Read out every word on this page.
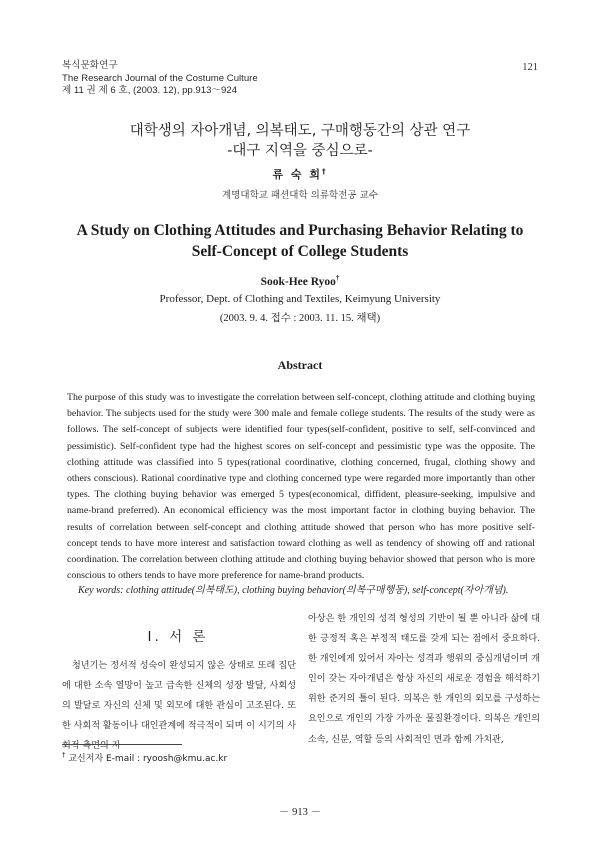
복식문화연구
The Research Journal of the Costume Culture
제 11 권 제 6 호, (2003. 12), pp.913～924
121
대학생의 자아개념, 의복태도, 구매행동간의 상관 연구
-대구 지역을 중심으로-
류 숙 희†
계명대학교 패션대학 의류학전공 교수
A Study on Clothing Attitudes and Purchasing Behavior Relating to
Self-Concept of College Students
Sook-Hee Ryoo†
Professor, Dept. of Clothing and Textiles, Keimyung University
(2003. 9. 4. 접수 : 2003. 11. 15. 채택)
Abstract
The purpose of this study was to investigate the correlation between self-concept, clothing attitude and clothing buying behavior. The subjects used for the study were 300 male and female college students. The results of the study were as follows. The self-concept of subjects were identified four types(self-confident, positive to self, self-convinced and pessimistic). Self-confident type had the highest scores on self-concept and pessimistic type was the opposite. The clothing attitude was classified into 5 types(rational coordinative, clothing concerned, frugal, clothing showy and others conscious). Rational coordinative type and clothing concerned type were regarded more importantly than other types. The clothing buying behavior was emerged 5 types(economical, diffident, pleasure-seeking, impulsive and name-brand preferred). An economical efficiency was the most important factor in clothing buying behavior. The results of correlation between self-concept and clothing attitude showed that person who has more positive self-concept tends to have more interest and satisfaction toward clothing as well as tendency of showing off and rational coordination. The correlation between clothing attitude and clothing buying behavior showed that person who is more conscious to others tends to have more preference for name-brand products.
Key words: clothing attitude(의복태도), clothing buying behavior(의복구매행동), self-concept(자아개념).
Ⅰ. 서 론
청년기는 정서적 성숙이 완성되지 않은 상태로 또래 집단에 대한 소속 열망이 높고 급속한 신체의 성장 발달, 사회성의 발달로 자신의 신체 및 외모에 대한 관심이 고조된다. 또한 사회적 활동이나 대인관계에 적극적이 되며 이 시기의 사회적 측면의 자
아상은 한 개인의 성격 형성의 기반이 될 뿐 아니라 삶에 대한 긍정적 혹은 부정적 태도를 갖게 되는 점에서 중요하다. 한 개인에게 있어서 자아는 성격과 행위의 중심개념이며 개인이 갖는 자아개념은 항상 자신의 새로운 경험을 해석하기 위한 준거의 틀이 된다. 의복은 한 개인의 외모를 구성하는 요인으로 개인의 가장 가까운 물질환경이다. 의복은 개인의 소속, 신분, 역할 등의 사회적인 면과 함께 가치관,
† 교신저자 E-mail : ryoosh@kmu.ac.kr
－ 913 －
